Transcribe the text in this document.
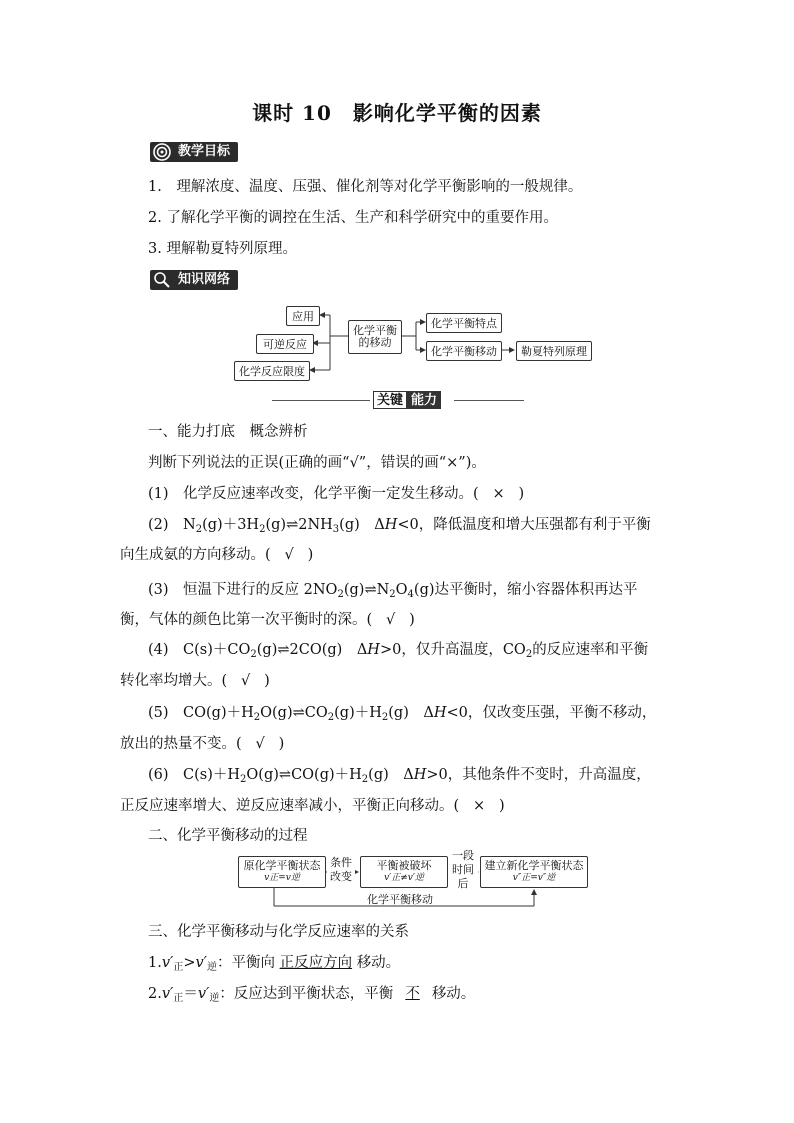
课时 10　影响化学平衡的因素
教学目标
1.　理解浓度、温度、压强、催化剂等对化学平衡影响的一般规律。
2. 了解化学平衡的调控在生活、生产和科学研究中的重要作用。
3. 理解勒夏特列原理。
知识网络
应用
可逆反应
化学反应限度
化学平衡的移动
化学平衡特点
化学平衡移动	勒夏特列原理
关键 能力
一、能力打底　概念辨析
判断下列说法的正误(正确的画“√”，错误的画“×”)。
(1)　化学反应速率改变，化学平衡一定发生移动。( × )
(2)　$N_2(g)+3H_2(g)\rightleftharpoons 2NH_3(g)$　ΔH<0，降低温度和增大压强都有利于平衡
向生成氨的方向移动。( √ )
(3)　恒温下进行的反应 $2NO_2(g)\rightleftharpoons N_2O_4(g)$达平衡时，缩小容器体积再达平
衡，气体的颜色比第一次平衡时的深。( √ )
(4)　$C(s)+CO_2(g)\rightleftharpoons 2CO(g)$　ΔH>0，仅升高温度，$CO_2$的反应速率和平衡
转化率均增大。( √ )
(5)　$CO(g)+H_2O(g)\rightleftharpoons CO_2(g)+H_2(g)$　ΔH<0，仅改变压强，平衡不移动，
放出的热量不变。( √ )
(6)　$C(s)+H_2O(g)\rightleftharpoons CO(g)+H_2(g)$　ΔH>0，其他条件不变时，升高温度，
正反应速率增大、逆反应速率减小，平衡正向移动。( × )
二、化学平衡移动的过程
原化学平衡状态
v正=v逆
条件改变
平衡被破坏
v′正≠v′逆
一段时间后
建立新化学平衡状态
v″正=v″逆
化学平衡移动
三、化学平衡移动与化学反应速率的关系
$1.v'_正>v'_逆$：平衡向 正反应方向 移动。
$2.v'_正=v'_逆$：反应达到平衡状态，平衡 不 移动。
